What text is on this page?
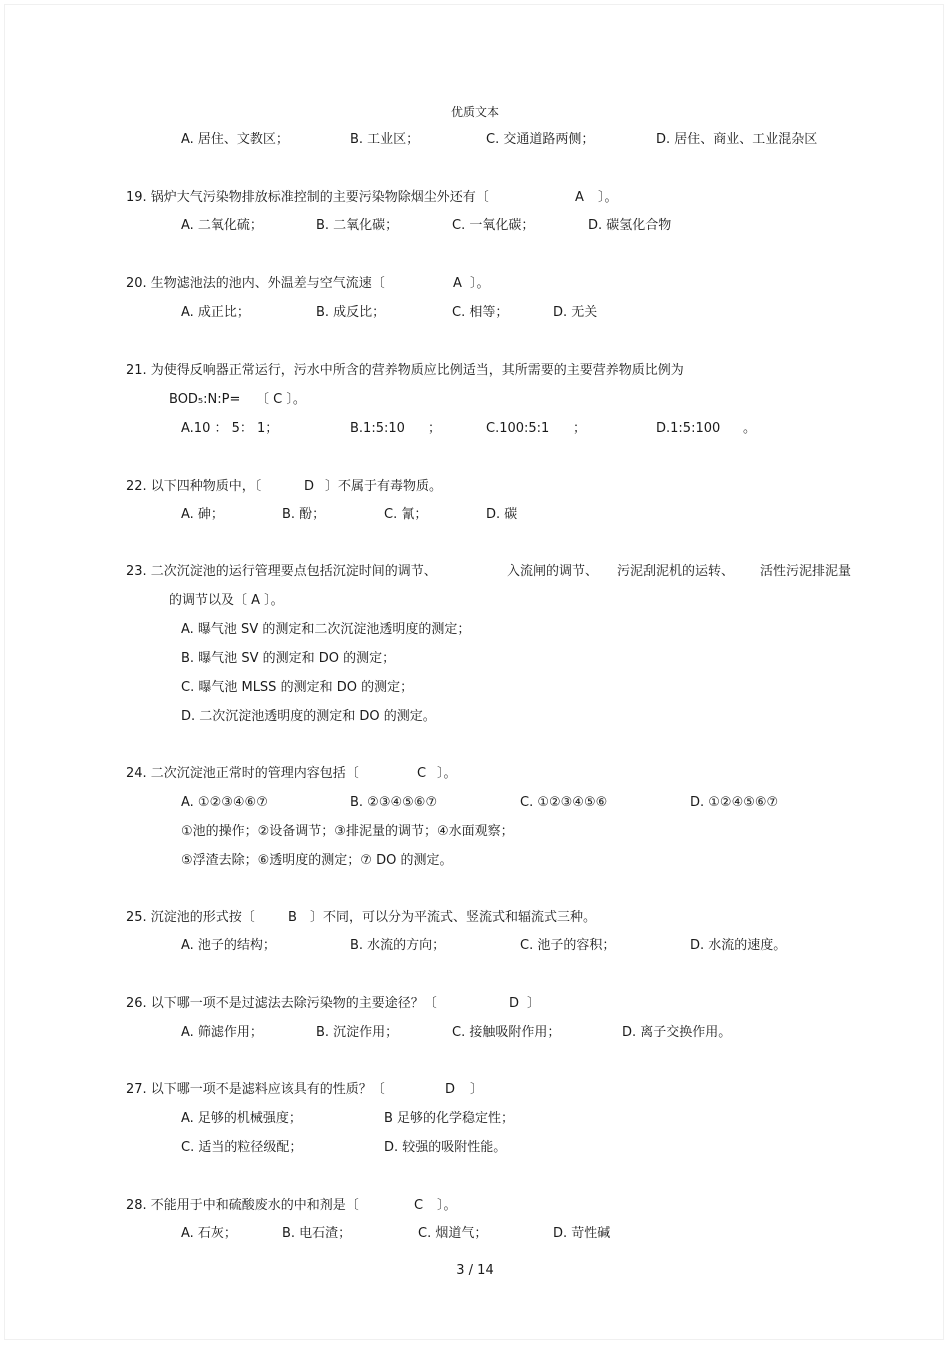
优质文本
A. 居住、文教区；	B. 工业区；	C. 交通道路两侧；	D. 居住、商业、工业混杂区
19. 锅炉大气污染物排放标准控制的主要污染物除烟尘外还有〔	A 〕。
A. 二氧化硫；	B. 二氧化碳；	C. 一氧化碳；	D. 碳氢化合物
20. 生物滤池法的池内、外温差与空气流速〔	A 〕。
A. 成正比；	B. 成反比；	C. 相等；	D. 无关
21. 为使得反响器正常运行，污水中所含的营养物质应比例适当，其所需要的主要营养物质比例为
BOD₅:N:P= 〔 C 〕。
A.10 ： 5： 1；	B.1:5:10 ；	C.100:5:1 ；	D.1:5:100 。
22. 以下四种物质中，〔	D 〕不属于有毒物质。
A. 砷；	B. 酚；	C. 氰；	D. 碳
23. 二次沉淀池的运行管理要点包括沉淀时间的调节、	入流闸的调节、 污泥刮泥机的运转、 活性污泥排泥量
的调节以及〔 A 〕。
A. 曝气池 SV 的测定和二次沉淀池透明度的测定；
B. 曝气池 SV 的测定和 DO 的测定；
C. 曝气池 MLSS 的测定和 DO 的测定；
D. 二次沉淀池透明度的测定和 DO 的测定。
24. 二次沉淀池正常时的管理内容包括〔	C 〕。
A. ①②③④⑥⑦	B. ②③④⑤⑥⑦	C. ①②③④⑤⑥	D. ①②④⑤⑥⑦
①池的操作；②设备调节；③排泥量的调节；④水面观察；
⑤浮渣去除；⑥透明度的测定；⑦ DO 的测定。
25. 沉淀池的形式按〔	B 〕不同，可以分为平流式、竖流式和辐流式三种。
A. 池子的结构；	B. 水流的方向；	C. 池子的容积；	D. 水流的速度。
26. 以下哪一项不是过滤法去除污染物的主要途径？〔	D 〕
A. 筛滤作用；	B. 沉淀作用；	C. 接触吸附作用；	D. 离子交换作用。
27. 以下哪一项不是滤料应该具有的性质？〔	D 〕
A. 足够的机械强度；	B 足够的化学稳定性；
C. 适当的粒径级配；	D. 较强的吸附性能。
28. 不能用于中和硫酸废水的中和剂是〔	C 〕。
A. 石灰；	B. 电石渣；	C. 烟道气；	D. 苛性碱
3 / 14
